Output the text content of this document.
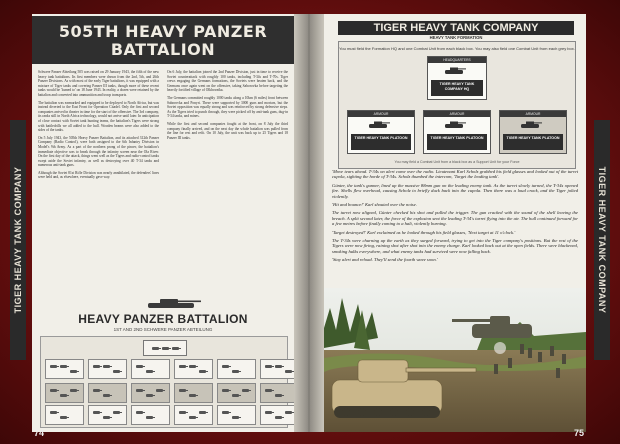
TIGER HEAVY TANK COMPANY	TIGER HEAVY TANK COMPANY
505TH HEAVY PANZER
BATTALION

Schwere Panzer Abteilung 505 was raised on 29 January 1943, the fifth of the new heavy tank battalions. Its first members were drawn from the 2nd, 5th, and 26th Panzer Divisions. As with most of the early Tiger battalions, it was equipped with a mixture of Tiger tanks and covering Panzer III tanks, though more of these recent tanks would be 'loaned to' on 18 June 1943. In reality, a dozen were retained by the battalion and converted into ammunition and troop transports.

The battalion was earmarked and equipped to be deployed to North Africa, but was instead diverted to the East Front for Operation Citadel. Only the first and second companies arrived in theater in time for the start of the offensive. The 3rd company, its ranks still in North Africa technology, would not arrive until later. In anticipation of close contact with Soviet tank hunting teams, the battalion's Tigers were strong with battledrills we all added to the hull. Wooden beams were also added to the sides of the tanks.

On 5 July 1943, the 505th Heavy Panzer Battalion, and its attached 312th Panzer Company (Radio Control), were both assigned to the 6th Infantry Division in Model's 9th Army. As a part of the northern prong of the pincer, the battalion's immediate objective was to break through the infantry screen near the Ola River. On the first day of the attack, things went well as the Tigers and radio-control tanks swept aside the Soviet infantry, as well as destroying over 40 T-34 tanks and numerous anti-tank guns.

Although the Soviet 81st Rifle Division was nearly annihilated, the defenders' lines were held and, as elsewhere, eventually gave way.

On 6 July, the battalion joined the 2nd Panzer Division, just in time to receive the Soviet counterattack with roughly 100 tanks, including T-34s and T-70s. Tiger crews engaging the Germans formations, the Soviets were beaten back, and the Germans once again went on the offensive, taking Saborovka before targeting the heavily fortified village of Olkhovatka.

The Germans committed roughly 1000 tanks along a 10km (6 miles) front between Saborovka and Ponyri. These were supported by 3000 guns and mortars, but the Soviet opposition was equally strong and was reinforced by strong defensive steps. As the Tigers tried to punch through, they were picked off by anti-tank guns, dug-in T-34 tanks, and mines.

While the first and second companies fought at the front, on 8 July the third company finally arrived, and on the next day the whole battalion was pulled from the line for rest and refit. On 10 July, the unit was back up to 25 Tigers and 18 Panzer III tanks.

HEAVY PANZER BATTALION
1ST AND 2ND SCHWERE PANZER ABTEILUNG
TIGER HEAVY TANK COMPANY
HEAVY TANK FORMATION
You must field the Formation HQ and one Combat Unit from each black box. You may also field one Combat Unit from each grey box.
HEADQUARTERS
TIGER HEAVY TANK COMPANY HQ
ARMOUR
TIGER HEAVY TANK PLATOON
ARMOUR
TIGER HEAVY TANK PLATOON
ARMOUR
TIGER HEAVY TANK PLATOON
You may field a Combat Unit from a black box as a Support Unit for your Force

'Move tears ahead. T-34s on alert come over the radio. Lieutenant Karl Scholz grabbed his field glasses and looked out of the turret cupola, sighting the horde of T-34s. Scholz thumbed the intercom, 'Target the leading tank'.

Günter, the tank's gunner, lined up the massive 88mm gun on the leading enemy tank. As the turret slowly turned, the T-34s opened fire. Shells flew overhead, causing Scholz to briefly duck back into the cupola. Then there was a loud crack, and the Tiger jolted violently.

'Hit and bounce!' Karl shouted over the noise.

The turret now aligned, Günter checked his shot and pulled the trigger. The gun cracked with the sound of the shell leaving the breach. A split second later, the force of the explosion sent the leading T-34's turret flying into the air. The hull continued forward for a few metres before finally coming to a halt, violently burning.

'Target destroyed!' Karl exclaimed as he looked through his field glasses, 'Next target at 11 o'clock.'

The T-34s were churning up the earth as they surged forward, trying to get into the Tiger company's positions. But the rest of the Tigers were now firing, raining shot after shot into the enemy charge. Karl looked back out at the open fields. There were blackened, smoking hulks everywhere, and what enemy tanks had survived were now falling back.

'Stay alert and reload. They'll send the fourth wave soon.'

74	75
